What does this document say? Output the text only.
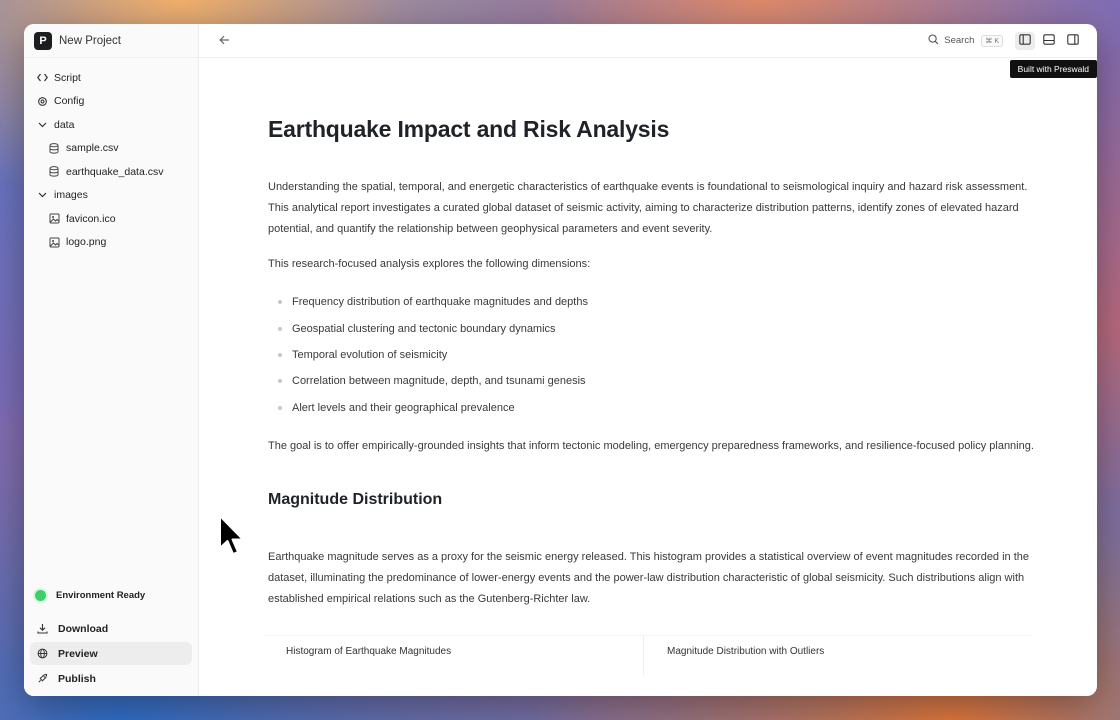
P	New Project
Script
Config
data
sample.csv
earthquake_data.csv
images
favicon.ico
logo.png
Environment Ready
Download
Preview
Publish
Search	⌘ K
Built with Preswald
Earthquake Impact and Risk Analysis

Understanding the spatial, temporal, and energetic characteristics of earthquake events is foundational to seismological inquiry and hazard risk assessment. This analytical report investigates a curated global dataset of seismic activity, aiming to characterize distribution patterns, identify zones of elevated hazard potential, and quantify the relationship between geophysical parameters and event severity.

This research-focused analysis explores the following dimensions:

Frequency distribution of earthquake magnitudes and depths
Geospatial clustering and tectonic boundary dynamics
Temporal evolution of seismicity
Correlation between magnitude, depth, and tsunami genesis
Alert levels and their geographical prevalence

The goal is to offer empirically-grounded insights that inform tectonic modeling, emergency preparedness frameworks, and resilience-focused policy planning.

Magnitude Distribution

Earthquake magnitude serves as a proxy for the seismic energy released. This histogram provides a statistical overview of event magnitudes recorded in the dataset, illuminating the predominance of lower-energy events and the power-law distribution characteristic of global seismicity. Such distributions align with established empirical relations such as the Gutenberg-Richter law.

Histogram of Earthquake Magnitudes	Magnitude Distribution with Outliers
